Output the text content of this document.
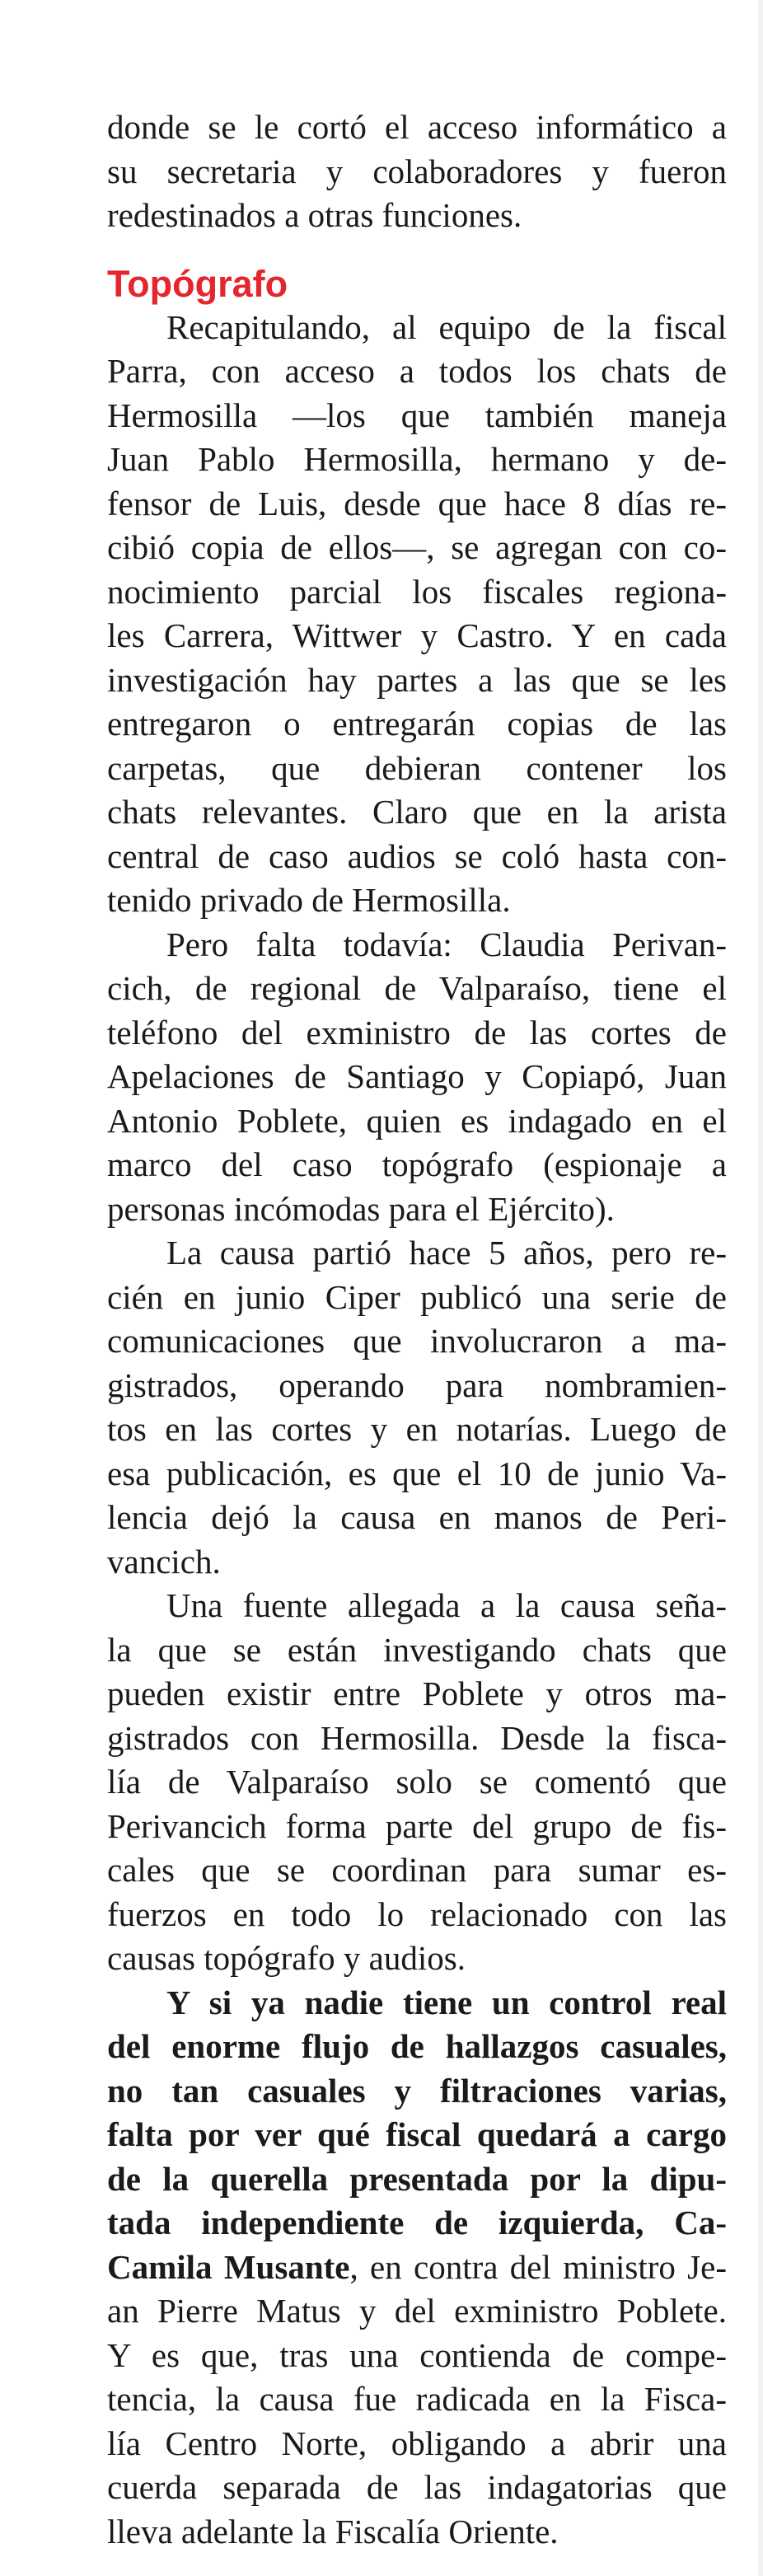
donde se le cortó el acceso informático a
su secretaria y colaboradores y fueron
redestinados a otras funciones.

Topógrafo

Recapitulando, al equipo de la fiscal
Parra, con acceso a todos los chats de
Hermosilla —los que también maneja
Juan Pablo Hermosilla, hermano y de-
fensor de Luis, desde que hace 8 días re-
cibió copia de ellos—, se agregan con co-
nocimiento parcial los fiscales regiona-
les Carrera, Wittwer y Castro. Y en cada
investigación hay partes a las que se les
entregaron o entregarán copias de las
carpetas, que debieran contener los
chats relevantes. Claro que en la arista
central de caso audios se coló hasta con-
tenido privado de Hermosilla.

Pero falta todavía: Claudia Perivan-
cich, de regional de Valparaíso, tiene el
teléfono del exministro de las cortes de
Apelaciones de Santiago y Copiapó, Juan
Antonio Poblete, quien es indagado en el
marco del caso topógrafo (espionaje a
personas incómodas para el Ejército).

La causa partió hace 5 años, pero re-
cién en junio Ciper publicó una serie de
comunicaciones que involucraron a ma-
gistrados, operando para nombramien-
tos en las cortes y en notarías. Luego de
esa publicación, es que el 10 de junio Va-
lencia dejó la causa en manos de Peri-
vancich.

Una fuente allegada a la causa seña-
la que se están investigando chats que
pueden existir entre Poblete y otros ma-
gistrados con Hermosilla. Desde la fisca-
lía de Valparaíso solo se comentó que
Perivancich forma parte del grupo de fis-
cales que se coordinan para sumar es-
fuerzos en todo lo relacionado con las
causas topógrafo y audios.

Y si ya nadie tiene un control real
del enorme flujo de hallazgos casuales,
no tan casuales y filtraciones varias,
falta por ver qué fiscal quedará a cargo
de la querella presentada por la dipu-
tada independiente de izquierda, Ca-
Camila Musante, en contra del ministro Je-
an Pierre Matus y del exministro Poblete.
Y es que, tras una contienda de compe-
tencia, la causa fue radicada en la Fisca-
lía Centro Norte, obligando a abrir una
cuerda separada de las indagatorias que
lleva adelante la Fiscalía Oriente.
